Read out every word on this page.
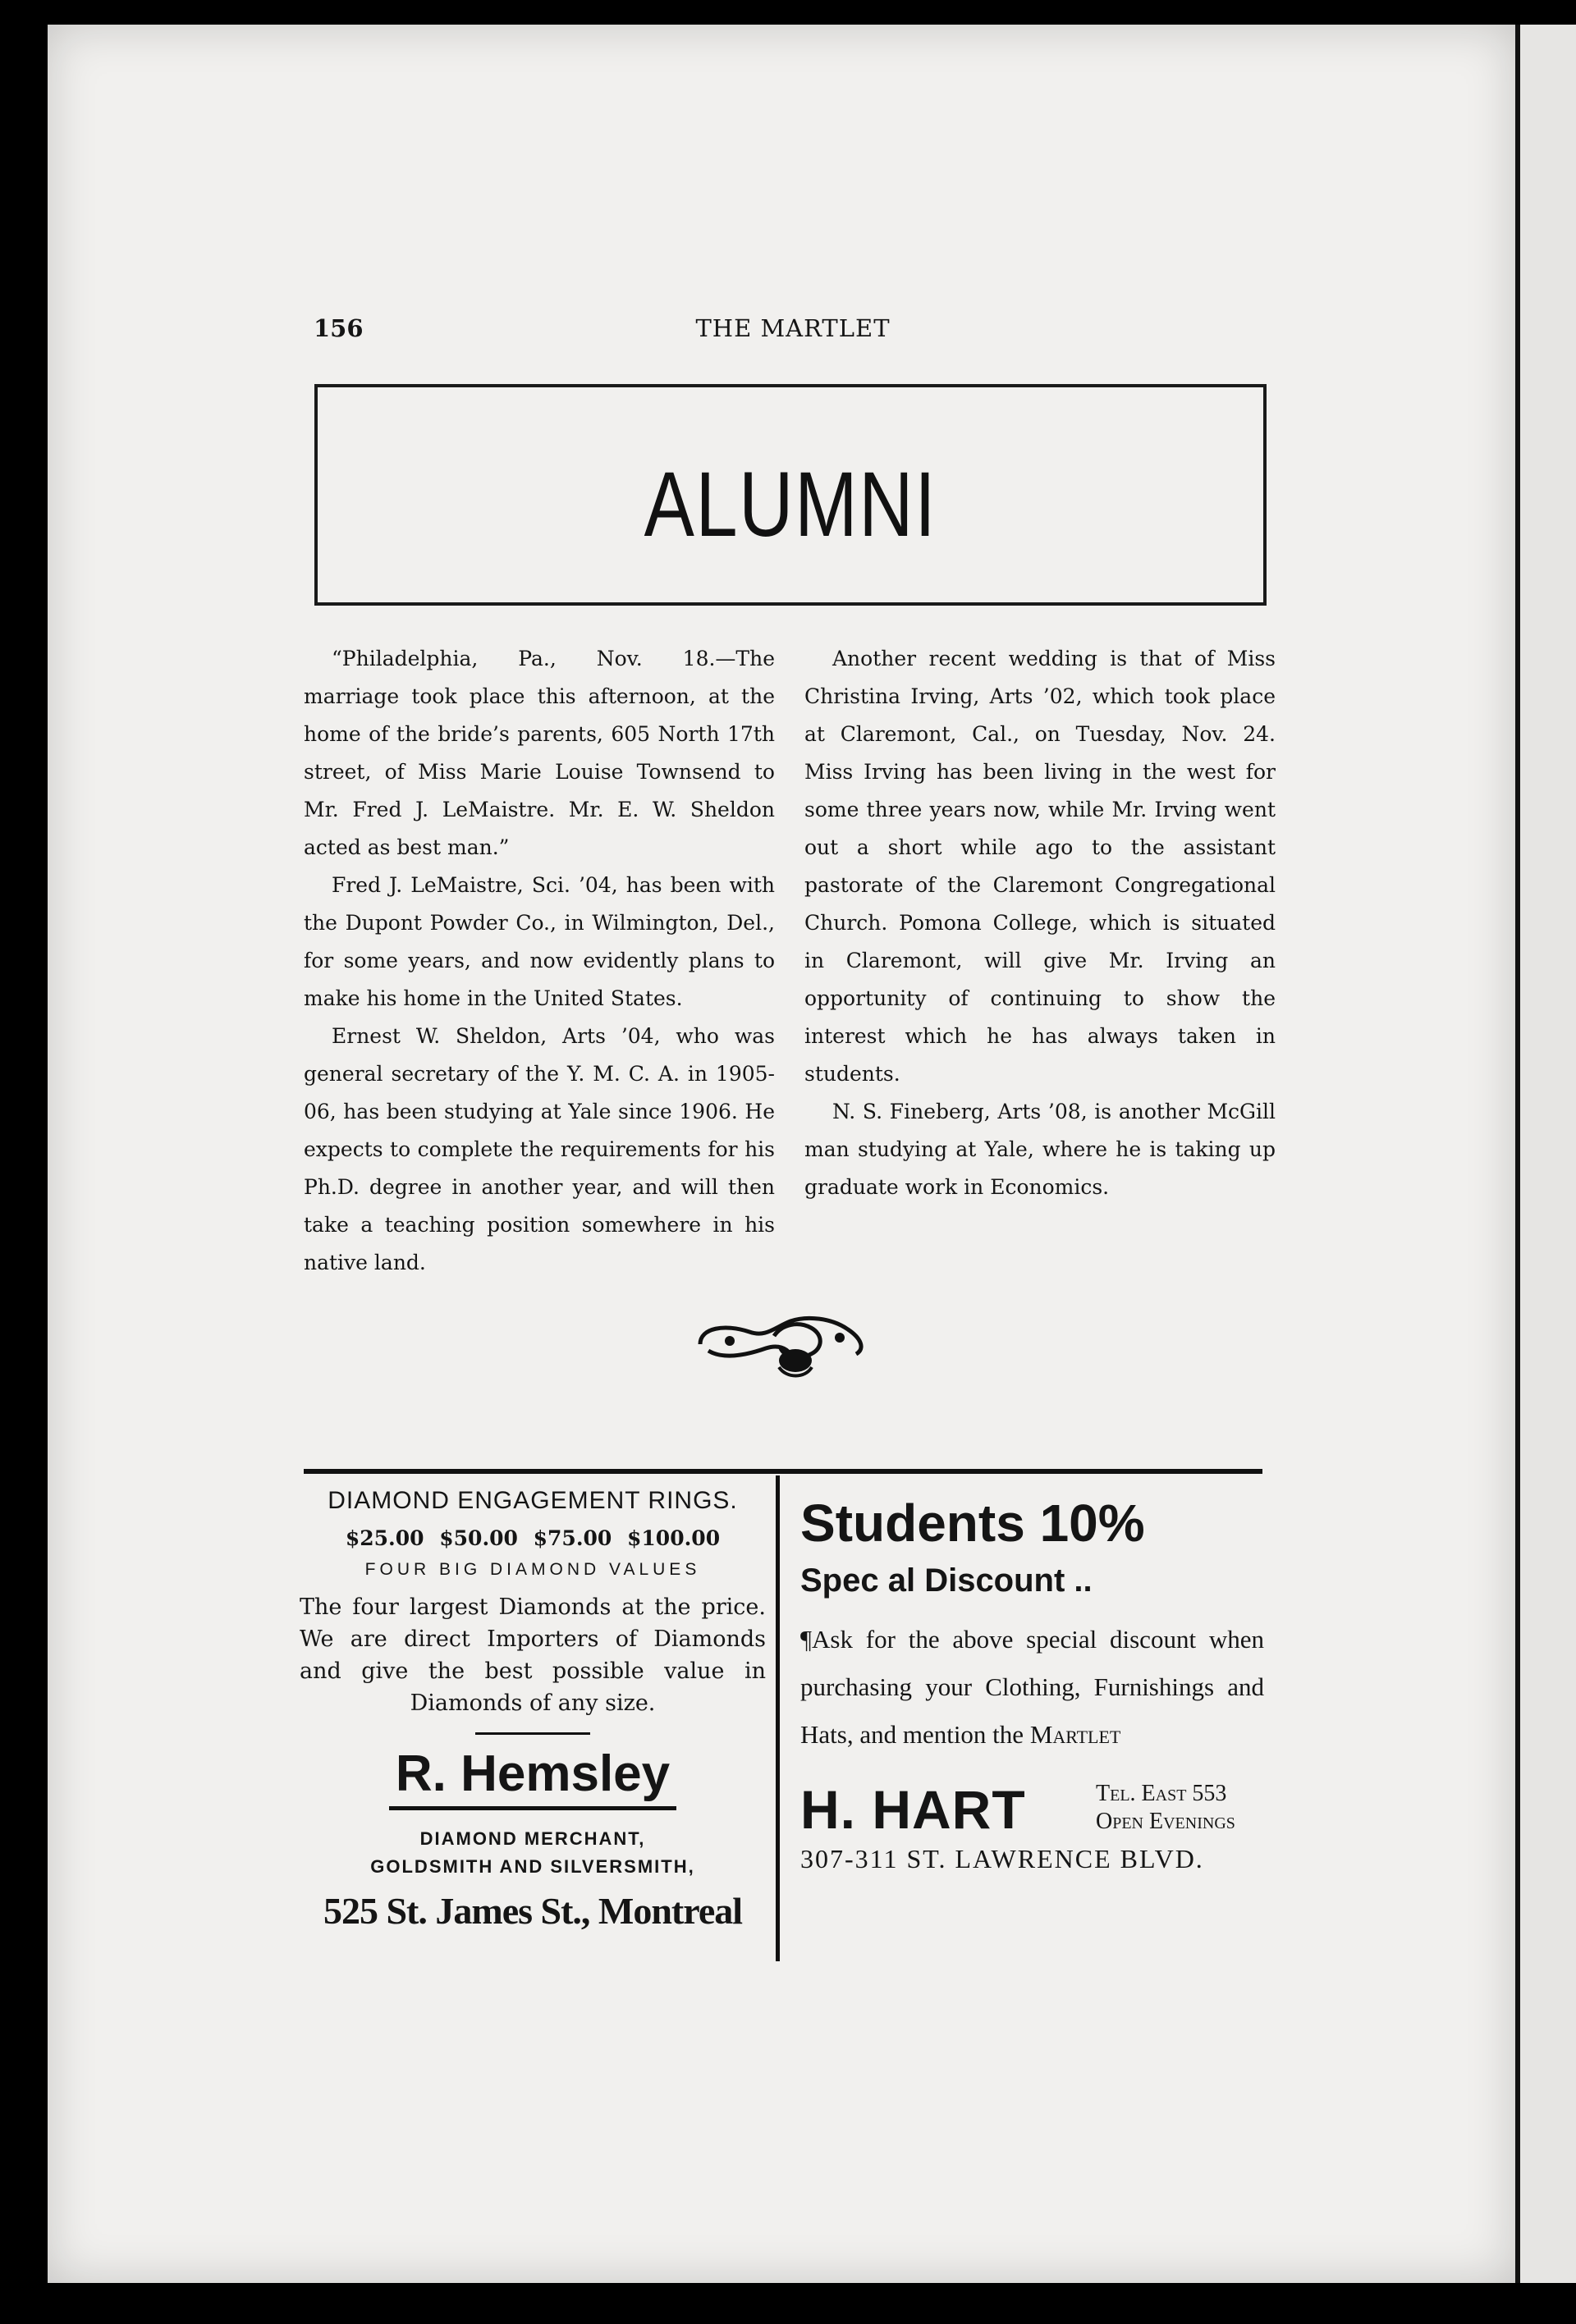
156	THE MARTLET
ALUMNI

“Philadelphia, Pa., Nov. 18.—The marriage took place this afternoon, at the home of the bride’s parents, 605 North 17th street, of Miss Marie Louise Townsend to Mr. Fred J. LeMaistre. Mr. E. W. Sheldon acted as best man.”

Fred J. LeMaistre, Sci. ’04, has been with the Dupont Powder Co., in Wilmington, Del., for some years, and now evidently plans to make his home in the United States.

Ernest W. Sheldon, Arts ’04, who was general secretary of the Y. M. C. A. in 1905-06, has been studying at Yale since 1906. He expects to complete the requirements for his Ph.D. degree in another year, and will then take a teaching position somewhere in his native land.

Another recent wedding is that of Miss Christina Irving, Arts ’02, which took place at Claremont, Cal., on Tuesday, Nov. 24. Miss Irving has been living in the west for some three years now, while Mr. Irving went out a short while ago to the assistant pastorate of the Claremont Congregational Church. Pomona College, which is situated in Claremont, will give Mr. Irving an opportunity of continuing to show the interest which he has always taken in students.

N. S. Fineberg, Arts ’08, is another McGill man studying at Yale, where he is taking up graduate work in Economics.

DIAMOND ENGAGEMENT RINGS.
$25.00 $50.00 $75.00 $100.00
FOUR BIG DIAMOND VALUES
The four largest Diamonds at the price. We are direct Importers of Diamonds and give the best possible value in Diamonds of any size.
R. Hemsley
DIAMOND MERCHANT,
GOLDSMITH AND SILVERSMITH,
525 St. James St., Montreal
Students 10%
Spec al Discount ..
¶Ask for the above special discount when purchasing your Clothing, Furnishings and Hats, and mention the Martlet
H. HART	Tel. East 553
Open Evenings
307-311 ST. LAWRENCE BLVD.
